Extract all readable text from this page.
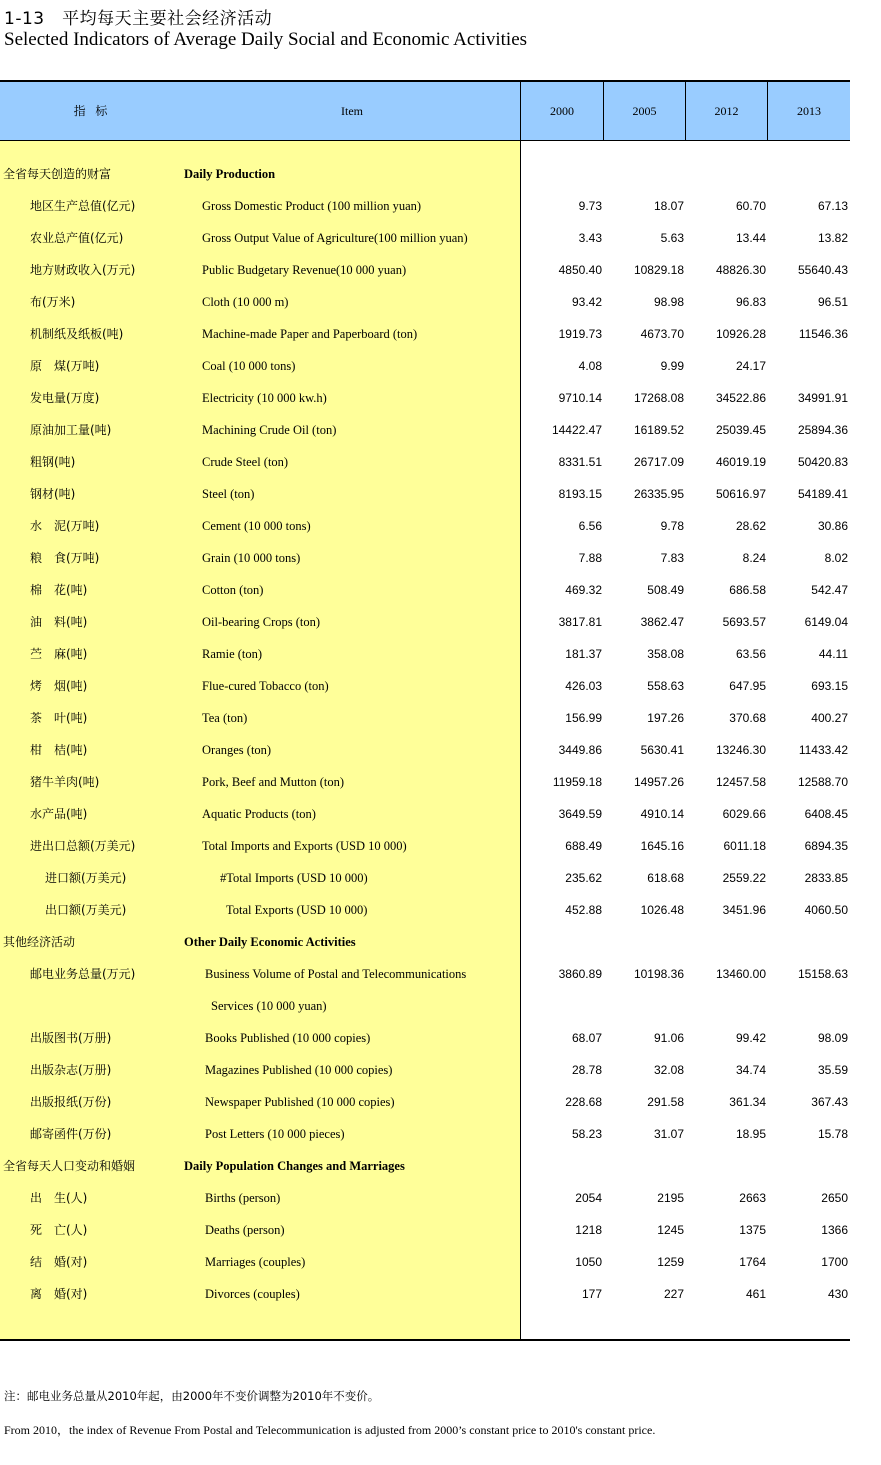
1-13　平均每天主要社会经济活动
Selected Indicators of Average Daily Social and Economic Activities
指 标	Item	2000	2005	2012	2013
全省每天创造的财富	Daily Production
地区生产总值(亿元)	Gross Domestic Product (100 million yuan)	9.73	18.07	60.70	67.13
农业总产值(亿元)	Gross Output Value of Agriculture(100 million yuan)	3.43	5.63	13.44	13.82
地方财政收入(万元)	Public Budgetary Revenue(10 000 yuan)	4850.40	10829.18	48826.30	55640.43
布(万米)	Cloth (10 000 m)	93.42	98.98	96.83	96.51
机制纸及纸板(吨)	Machine-made Paper and Paperboard (ton)	1919.73	4673.70	10926.28	11546.36
原　煤(万吨)	Coal (10 000 tons)	4.08	9.99	24.17
发电量(万度)	Electricity (10 000 kw.h)	9710.14	17268.08	34522.86	34991.91
原油加工量(吨)	Machining Crude Oil (ton)	14422.47	16189.52	25039.45	25894.36
粗钢(吨)	Crude Steel (ton)	8331.51	26717.09	46019.19	50420.83
钢材(吨)	Steel (ton)	8193.15	26335.95	50616.97	54189.41
水　泥(万吨)	Cement (10 000 tons)	6.56	9.78	28.62	30.86
粮　食(万吨)	Grain (10 000 tons)	7.88	7.83	8.24	8.02
棉　花(吨)	Cotton (ton)	469.32	508.49	686.58	542.47
油　料(吨)	Oil-bearing Crops (ton)	3817.81	3862.47	5693.57	6149.04
苎　麻(吨)	Ramie (ton)	181.37	358.08	63.56	44.11
烤　烟(吨)	Flue-cured Tobacco (ton)	426.03	558.63	647.95	693.15
茶　叶(吨)	Tea (ton)	156.99	197.26	370.68	400.27
柑　桔(吨)	Oranges (ton)	3449.86	5630.41	13246.30	11433.42
猪牛羊肉(吨)	Pork, Beef and Mutton (ton)	11959.18	14957.26	12457.58	12588.70
水产品(吨)	Aquatic Products (ton)	3649.59	4910.14	6029.66	6408.45
进出口总额(万美元)	Total Imports and Exports (USD 10 000)	688.49	1645.16	6011.18	6894.35
进口额(万美元)	#Total Imports (USD 10 000)	235.62	618.68	2559.22	2833.85
出口额(万美元)	Total Exports (USD 10 000)	452.88	1026.48	3451.96	4060.50
其他经济活动	Other Daily Economic Activities
邮电业务总量(万元)	Business Volume of Postal and Telecommunications	3860.89	10198.36	13460.00	15158.63
Services (10 000 yuan)
出版图书(万册)	Books Published (10 000 copies)	68.07	91.06	99.42	98.09
出版杂志(万册)	Magazines Published (10 000 copies)	28.78	32.08	34.74	35.59
出版报纸(万份)	Newspaper Published (10 000 copies)	228.68	291.58	361.34	367.43
邮寄函件(万份)	Post Letters (10 000 pieces)	58.23	31.07	18.95	15.78
全省每天人口变动和婚姻	Daily Population Changes and Marriages
出　生(人)	Births (person)	2054	2195	2663	2650
死　亡(人)	Deaths (person)	1218	1245	1375	1366
结　婚(对)	Marriages (couples)	1050	1259	1764	1700
离　婚(对)	Divorces (couples)	177	227	461	430
注：邮电业务总量从2010年起，由2000年不变价调整为2010年不变价。
From 2010，the index of Revenue From Postal and Telecommunication is adjusted from 2000’s constant price to 2010's constant price.
